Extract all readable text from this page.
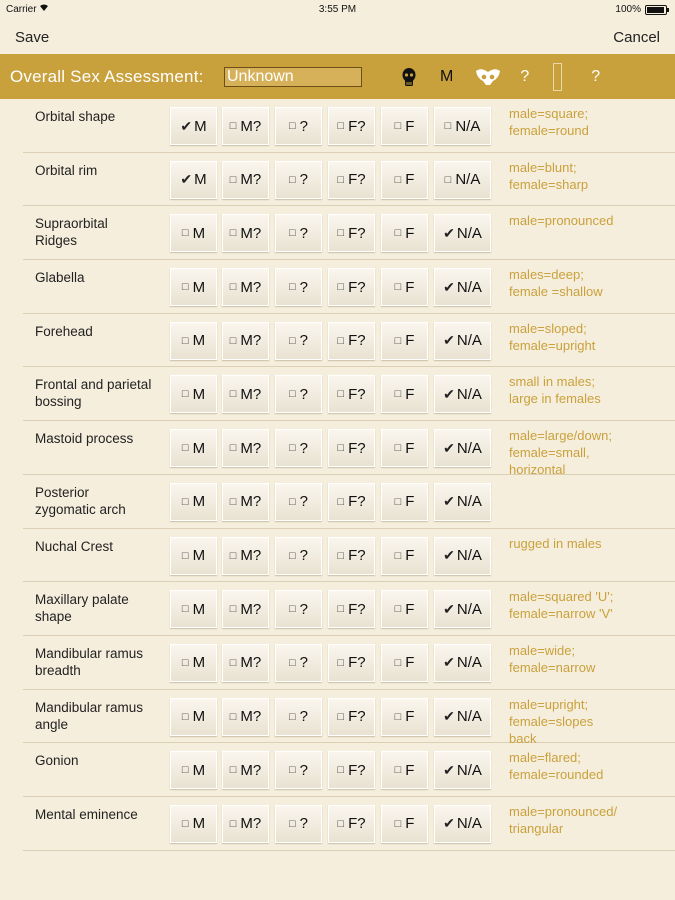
Carrier	3:55 PM	100%
Save	Cancel
Overall Sex Assessment:	Unknown	M	?	?
Orbital shape
✔ M □ M?	□ ?	□ F?	□ F	□ N/A
male=square;
female=round
Orbital rim
✔ M □ M?	□ ?	□ F?	□ F	□ N/A
male=blunt;
female=sharp
Supraorbital
Ridges	□ M □ M?	□ ?	□ F?	□ F ✔ N/A
male=pronounced
Glabella
□ M □ M?	□ ?	□ F?	□ F ✔ N/A
males=deep;
female =shallow
Forehead
□ M □ M?	□ ?	□ F?	□ F ✔ N/A
male=sloped;
female=upright
Frontal and parietal
bossing	□ M □ M?	□ ?	□ F?	□ F ✔ N/A
small in males;
large in females
Mastoid process
□ M □ M?	□ ?	□ F?	□ F ✔ N/A
male=large/down;
female=small,
horizontal
Posterior
zygomatic arch	□ M □ M?	□ ?	□ F?	□ F ✔ N/A
Nuchal Crest
□ M □ M?	□ ?	□ F?	□ F ✔ N/A
rugged in males
Maxillary palate
shape	□ M □ M?	□ ?	□ F?	□ F ✔ N/A
male=squared 'U';
female=narrow 'V'
Mandibular ramus
breadth	□ M □ M?	□ ?	□ F?	□ F ✔ N/A
male=wide;
female=narrow
Mandibular ramus
angle	□ M □ M?	□ ?	□ F?	□ F ✔ N/A
male=upright;
female=slopes
back
Gonion
□ M □ M?	□ ?	□ F?	□ F ✔ N/A
male=flared;
female=rounded
Mental eminence
□ M □ M?	□ ?	□ F?	□ F ✔ N/A
male=pronounced/
triangular
